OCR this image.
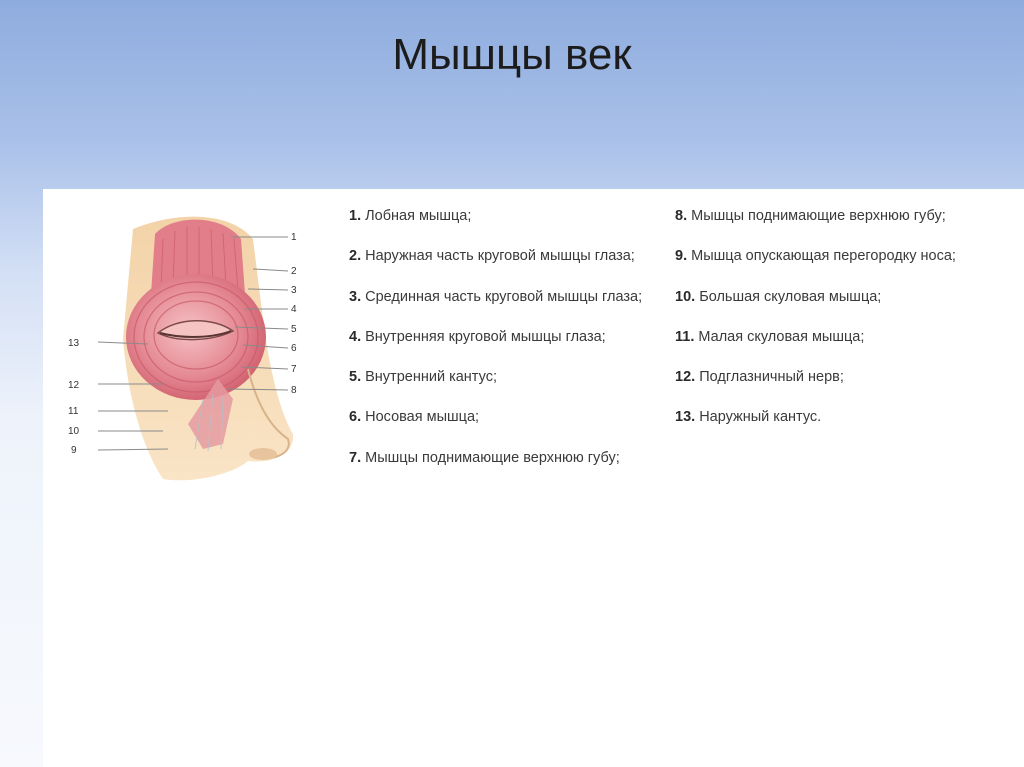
Мышцы век
1
2
3
4
5
6
7
8
13
12
11
10
9
1. Лобная мышца;
2. Наружная часть круговой мышцы глаза;
3. Срединная часть круговой мышцы глаза;
4. Внутренняя круговой мышцы глаза;
5. Внутренний кантус;
6. Носовая мышца;
7. Мышцы поднимающие верхнюю губу;
8. Мышцы поднимающие верхнюю губу;
9. Мышца опускающая перегородку носа;
10. Большая скуловая мышца;
11. Малая скуловая мышца;
12. Подглазничный нерв;
13. Наружный кантус.
